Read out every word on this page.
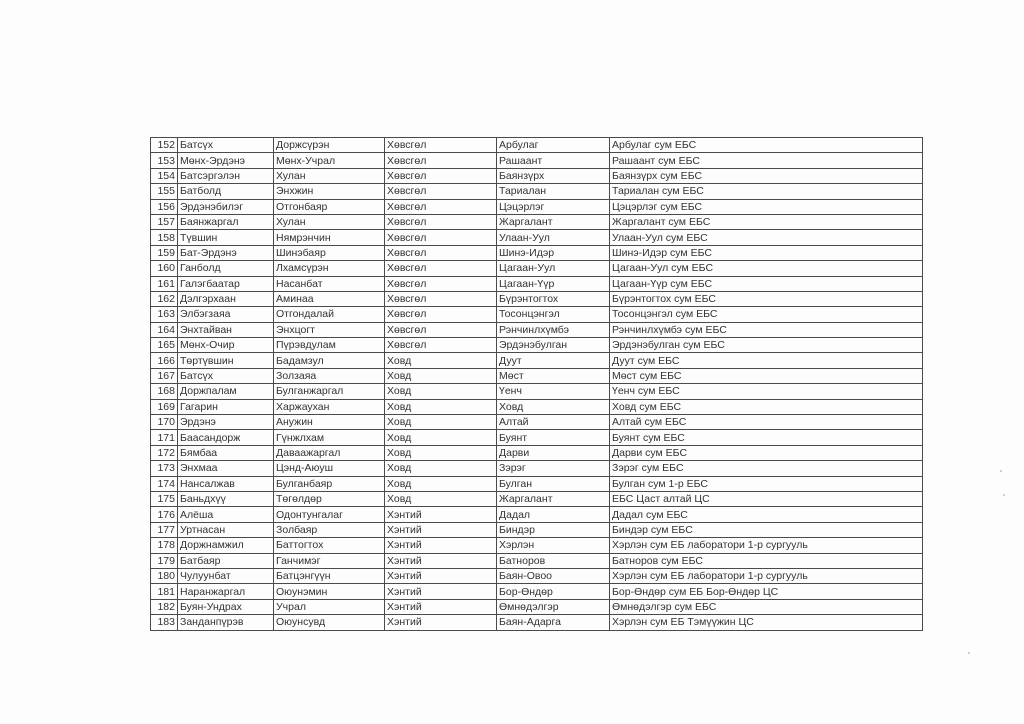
152	Батсүх	Доржсүрэн	Хөвсгөл	Арбулаг	Арбулаг сум ЕБС
153	Мөнх-Эрдэнэ	Мөнх-Учрал	Хөвсгөл	Рашаант	Рашаант сум ЕБС
154	Батсэргэлэн	Хулан	Хөвсгөл	Баянзүрх	Баянзүрх сум ЕБС
155	Батболд	Энхжин	Хөвсгөл	Тариалан	Тариалан сум ЕБС
156	Эрдэнэбилэг	Отгонбаяр	Хөвсгөл	Цэцэрлэг	Цэцэрлэг сум ЕБС
157	Баянжаргал	Хулан	Хөвсгөл	Жаргалант	Жаргалант сум ЕБС
158	Түвшин	Нямрэнчин	Хөвсгөл	Улаан-Уул	Улаан-Уул сум ЕБС
159	Бат-Эрдэнэ	Шинэбаяр	Хөвсгөл	Шинэ-Идэр	Шинэ-Идэр сум ЕБС
160	Ганболд	Лхамсүрэн	Хөвсгөл	Цагаан-Уул	Цагаан-Уул сум ЕБС
161	Галэгбаатар	Насанбат	Хөвсгөл	Цагаан-Үүр	Цагаан-Үүр сум ЕБС
162	Дэлгэрхаан	Аминаа	Хөвсгөл	Бүрэнтогтох	Бүрэнтогтох сум ЕБС
163	Элбэгзаяа	Отгондалай	Хөвсгөл	Тосонцэнгэл	Тосонцэнгэл сум ЕБС
164	Энхтайван	Энхцогт	Хөвсгөл	Рэнчинлхүмбэ	Рэнчинлхүмбэ сум ЕБС
165	Мөнх-Очир	Пүрэвдулам	Хөвсгөл	Эрдэнэбулган	Эрдэнэбулган сум ЕБС
166	Төртүвшин	Бадамзул	Ховд	Дуут	Дуут сум ЕБС
167	Батсүх	Золзаяа	Ховд	Мөст	Мөст сум ЕБС
168	Доржпалам	Булганжаргал	Ховд	Үенч	Үенч сум ЕБС
169	Гагарин	Харжаухан	Ховд	Ховд	Ховд сум ЕБС
170	Эрдэнэ	Анужин	Ховд	Алтай	Алтай сум ЕБС
171	Баасандорж	Гүнжлхам	Ховд	Буянт	Буянт сум ЕБС
172	Бямбаа	Даваажаргал	Ховд	Дарви	Дарви сум ЕБС
173	Энхмаа	Цэнд-Аюуш	Ховд	Зэрэг	Зэрэг сум ЕБС
174	Нансалжав	Булганбаяр	Ховд	Булган	Булган сум 1-р ЕБС
175	Баньдхүү	Төгөлдөр	Ховд	Жаргалант	ЕБС Цаст алтай ЦС
176	Алёша	Одонтунгалаг	Хэнтий	Дадал	Дадал сум ЕБС
177	Уртнасан	Золбаяр	Хэнтий	Биндэр	Биндэр сум ЕБС
178	Доржнамжил	Баттогтох	Хэнтий	Хэрлэн	Хэрлэн сум ЕБ лаборатори 1-р сургууль
179	Батбаяр	Ганчимэг	Хэнтий	Батноров	Батноров сум ЕБС
180	Чулуунбат	Батцэнгүүн	Хэнтий	Баян-Овоо	Хэрлэн сум ЕБ лаборатори 1-р сургууль
181	Наранжаргал	Оюунэмин	Хэнтий	Бор-Өндөр	Бор-Өндөр сум ЕБ Бор-Өндөр ЦС
182	Буян-Ундрах	Учрал	Хэнтий	Өмнөдэлгэр	Өмнөдэлгэр сум ЕБС
183	Занданпүрэв	Оюунсувд	Хэнтий	Баян-Адарга	Хэрлэн сум ЕБ Тэмүүжин ЦС
